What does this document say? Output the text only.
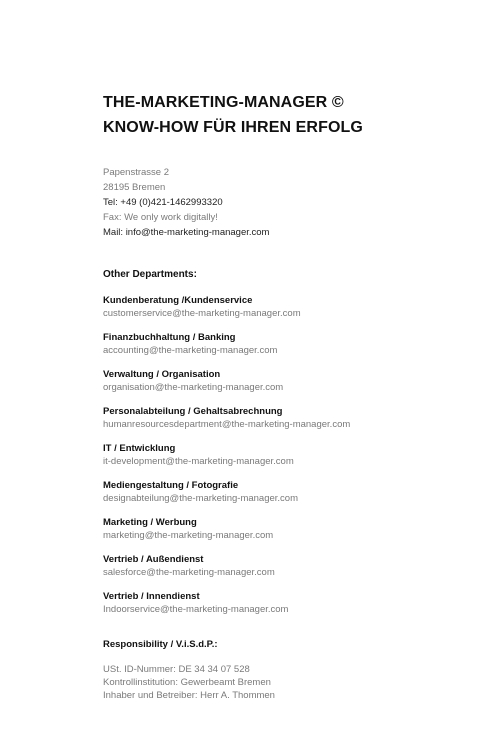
THE-MARKETING-MANAGER ©
KNOW-HOW FÜR IHREN ERFOLG
Papenstrasse 2
28195 Bremen
Tel: +49 (0)421-1462993320
Fax: We only work digitally!
Mail: info@the-marketing-manager.com
Other Departments:
Kundenberatung /Kundenservice
customerservice@the-marketing-manager.com
Finanzbuchhaltung / Banking
accounting@the-marketing-manager.com
Verwaltung / Organisation
organisation@the-marketing-manager.com
Personalabteilung / Gehaltsabrechnung
humanresourcesdepartment@the-marketing-manager.com
IT / Entwicklung
it-development@the-marketing-manager.com
Mediengestaltung / Fotografie
designabteilung@the-marketing-manager.com
Marketing / Werbung
marketing@the-marketing-manager.com
Vertrieb / Außendienst
salesforce@the-marketing-manager.com
Vertrieb / Innendienst
Indoorservice@the-marketing-manager.com
Responsibility / V.i.S.d.P.:
USt. ID-Nummer: DE 34 34 07 528
Kontrollinstitution: Gewerbeamt Bremen
Inhaber und Betreiber: Herr A. Thommen
